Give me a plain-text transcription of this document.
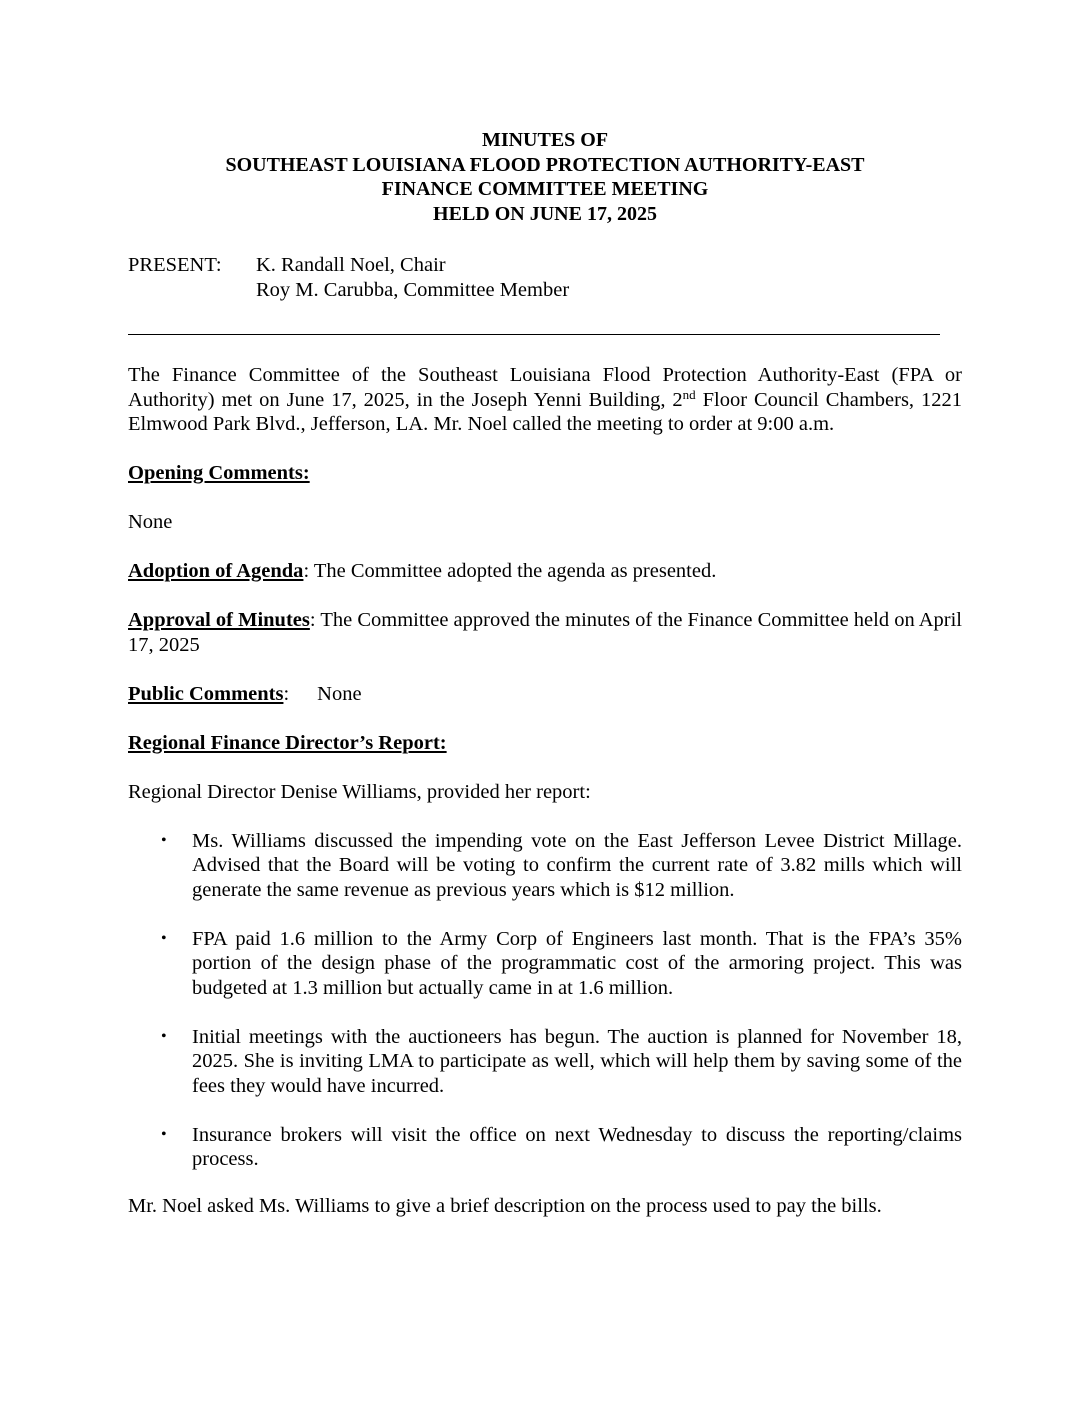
MINUTES OF
SOUTHEAST LOUISIANA FLOOD PROTECTION AUTHORITY-EAST
FINANCE COMMITTEE MEETING
HELD ON JUNE 17, 2025
PRESENT: K. Randall Noel, Chair
Roy M. Carubba, Committee Member

The Finance Committee of the Southeast Louisiana Flood Protection Authority-East (FPA or Authority) met on June 17, 2025, in the Joseph Yenni Building, 2nd Floor Council Chambers, 1221 Elmwood Park Blvd., Jefferson, LA. Mr. Noel called the meeting to order at 9:00 a.m.

Opening Comments:

None

Adoption of Agenda: The Committee adopted the agenda as presented.

Approval of Minutes: The Committee approved the minutes of the Finance Committee held on April 17, 2025

Public Comments: None

Regional Finance Director’s Report:

Regional Director Denise Williams, provided her report:

• Ms. Williams discussed the impending vote on the East Jefferson Levee District Millage. Advised that the Board will be voting to confirm the current rate of 3.82 mills which will generate the same revenue as previous years which is $12 million.
• FPA paid 1.6 million to the Army Corp of Engineers last month. That is the FPA’s 35% portion of the design phase of the programmatic cost of the armoring project. This was budgeted at 1.3 million but actually came in at 1.6 million.
• Initial meetings with the auctioneers has begun. The auction is planned for November 18, 2025. She is inviting LMA to participate as well, which will help them by saving some of the fees they would have incurred.
• Insurance brokers will visit the office on next Wednesday to discuss the reporting/claims process.

Mr. Noel asked Ms. Williams to give a brief description on the process used to pay the bills.
